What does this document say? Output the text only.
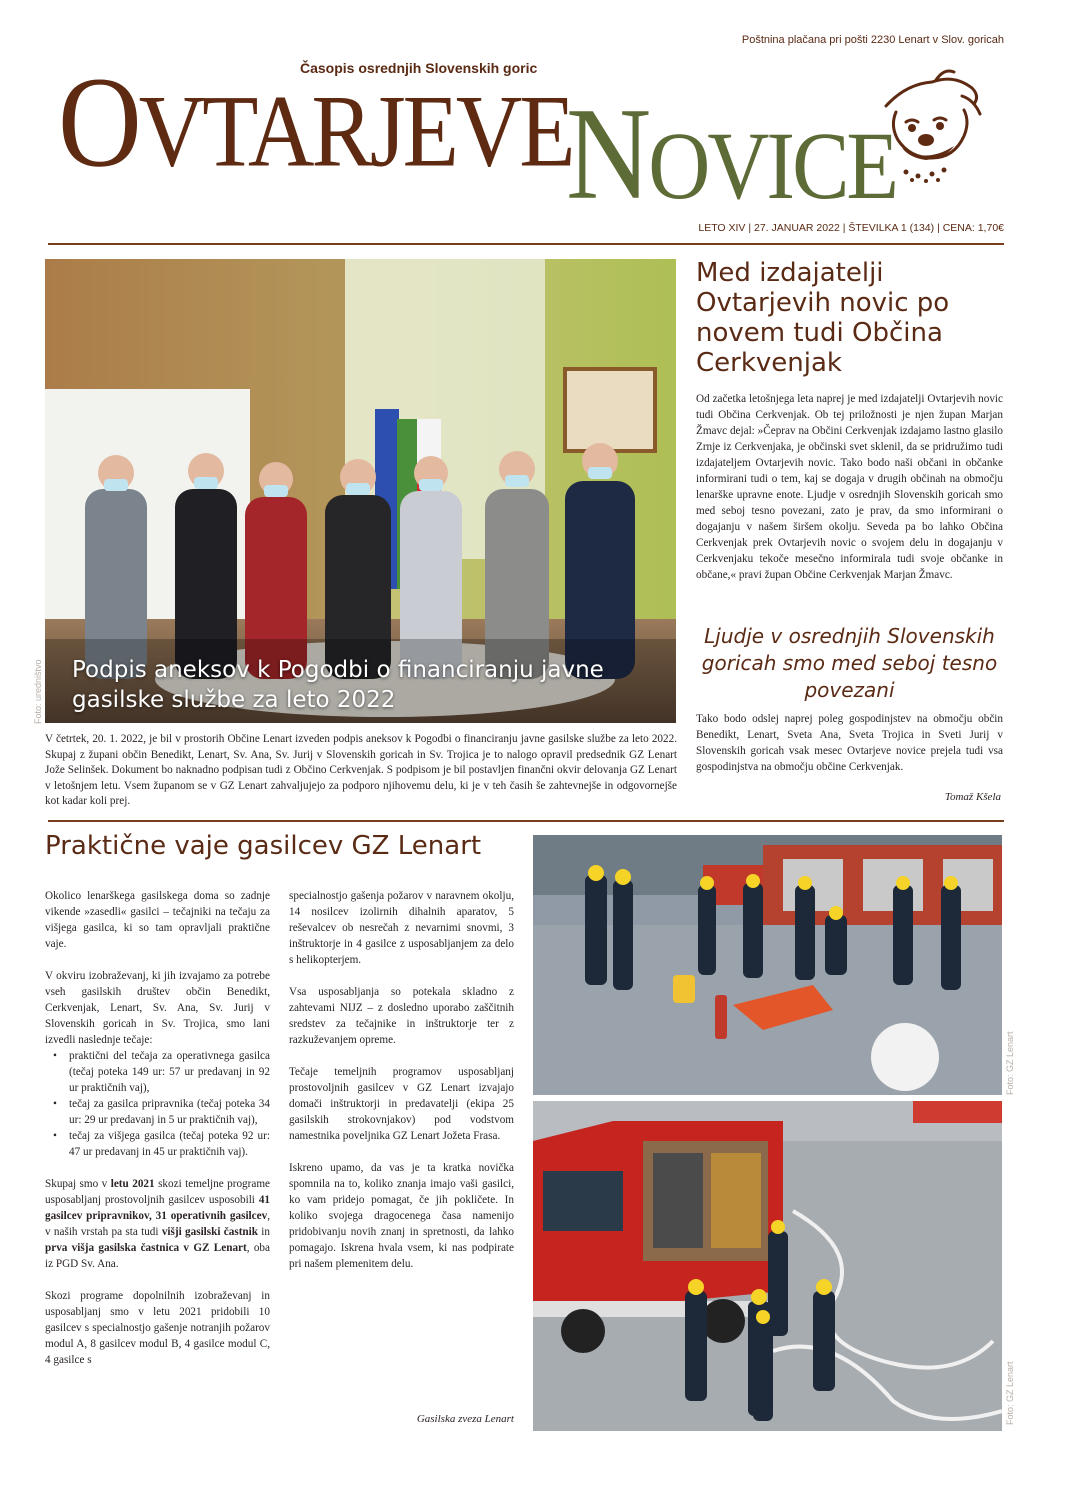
Poštnina plačana pri pošti 2230 Lenart v Slov. goricah
Časopis osrednjih Slovenskih goric
OVTARJEVE
NOVICE
LETO XIV | 27. JANUAR 2022 | ŠTEVILKA 1 (134) | CENA: 1,70€
Podpis aneksov k Pogodbi o financiranju javne gasilske službe za leto 2022
Foto: uredništvo
V četrtek, 20. 1. 2022, je bil v prostorih Občine Lenart izveden podpis aneksov k Pogodbi o financiranju javne gasilske službe za leto 2022. Skupaj z župani občin Benedikt, Lenart, Sv. Ana, Sv. Jurij v Slovenskih goricah in Sv. Trojica je to nalogo opravil predsednik GZ Lenart Jože Selinšek. Dokument bo naknadno podpisan tudi z Občino Cerkvenjak. S podpisom je bil postavljen finančni okvir delovanja GZ Lenart v letošnjem letu. Vsem županom se v GZ Lenart zahvaljujejo za podporo njihovemu delu, ki je v teh časih še zahtevnejše in odgovornejše kot kadar koli prej.
Med izdajatelji Ovtarjevih novic po novem tudi Občina Cerkvenjak
Od začetka letošnjega leta naprej je med izdajatelji Ovtarjevih novic tudi Občina Cerkvenjak. Ob tej priložnosti je njen župan Marjan Žmavc dejal: »Čeprav na Občini Cerkvenjak izdajamo lastno glasilo Zrnje iz Cerkvenjaka, je občinski svet sklenil, da se pridružimo tudi izdajateljem Ovtarjevih novic. Tako bodo naši občani in občanke informirani tudi o tem, kaj se dogaja v drugih občinah na območju lenarške upravne enote. Ljudje v osrednjih Slovenskih goricah smo med seboj tesno povezani, zato je prav, da smo informirani o dogajanju v našem širšem okolju. Seveda pa bo lahko Občina Cerkvenjak prek Ovtarjevih novic o svojem delu in dogajanju v Cerkvenjaku tekoče mesečno informirala tudi svoje občanke in občane,« pravi župan Občine Cerkvenjak Marjan Žmavc.
Ljudje v osrednjih Slovenskih goricah smo med seboj tesno povezani
Tako bodo odslej naprej poleg gospodinjstev na območju občin Benedikt, Lenart, Sveta Ana, Sveta Trojica in Sveti Jurij v Slovenskih goricah vsak mesec Ovtarjeve novice prejela tudi vsa gospodinjstva na območju občine Cerkvenjak.
Tomaž Kšela
Praktične vaje gasilcev GZ Lenart

Okolico lenarškega gasilskega doma so zadnje vikende »zasedli« gasilci – tečajniki na tečaju za višjega gasilca, ki so tam opravljali praktične vaje.

V okviru izobraževanj, ki jih izvajamo za potrebe vseh gasilskih društev občin Benedikt, Cerkvenjak, Lenart, Sv. Ana, Sv. Jurij v Slovenskih goricah in Sv. Trojica, smo lani izvedli naslednje tečaje:

• praktični del tečaja za operativnega gasilca (tečaj poteka 149 ur: 57 ur predavanj in 92 ur praktičnih vaj),
• tečaj za gasilca pripravnika (tečaj poteka 34 ur: 29 ur predavanj in 5 ur praktičnih vaj),
• tečaj za višjega gasilca (tečaj poteka 92 ur: 47 ur predavanj in 45 ur praktičnih vaj).

Skupaj smo v letu 2021 skozi temeljne programe usposabljanj prostovoljnih gasilcev usposobili 41 gasilcev pripravnikov, 31 operativnih gasilcev, v naših vrstah pa sta tudi višji gasilski častnik in prva višja gasilska častnica v GZ Lenart, oba iz PGD Sv. Ana.

Skozi programe dopolnilnih izobraževanj in usposabljanj smo v letu 2021 pridobili 10 gasilcev s specialnostjo gašenje notranjih požarov modul A, 8 gasilcev modul B, 4 gasilce modul C, 4 gasilce s

specialnostjo gašenja požarov v naravnem okolju, 14 nosilcev izolirnih dihalnih aparatov, 5 reševalcev ob nesrečah z nevarnimi snovmi, 3 inštruktorje in 4 gasilce z usposabljanjem za delo s helikopterjem.

Vsa usposabljanja so potekala skladno z zahtevami NIJZ – z dosledno uporabo zaščitnih sredstev za tečajnike in inštruktorje ter z razkuževanjem opreme.

Tečaje temeljnih programov usposabljanj prostovoljnih gasilcev v GZ Lenart izvajajo domači inštruktorji in predavatelji (ekipa 25 gasilskih strokovnjakov) pod vodstvom namestnika poveljnika GZ Lenart Jožeta Frasa.

Iskreno upamo, da vas je ta kratka novička spomnila na to, koliko znanja imajo vaši gasilci, ko vam pridejo pomagat, če jih pokličete. In koliko svojega dragocenega časa namenijo pridobivanju novih znanj in spretnosti, da lahko pomagajo. Iskrena hvala vsem, ki nas podpirate pri našem plemenitem delu.

Gasilska zveza Lenart
Foto: GZ Lenart
Foto: GZ Lenart
